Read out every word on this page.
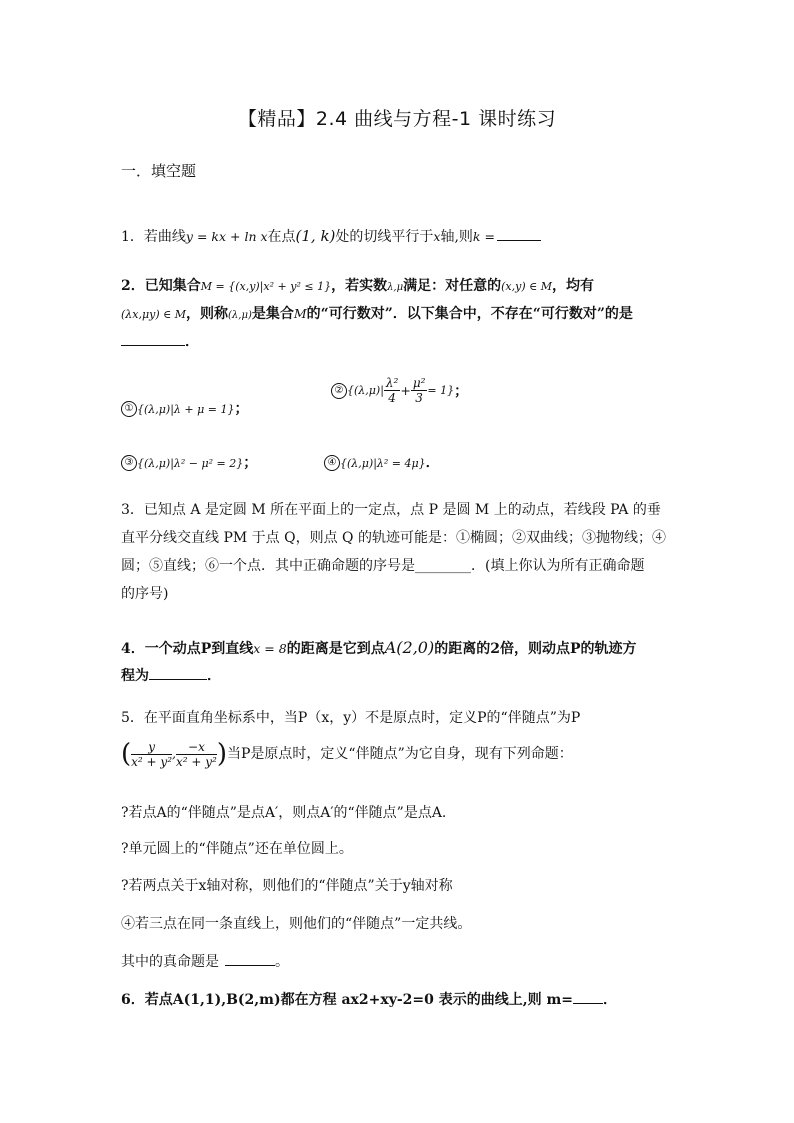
【精品】2.4 曲线与方程-1 课时练习
一．填空题
1．若曲线y = kx + ln x在点(1, k)处的切线平行于x轴,则k =
2．已知集合M = {(x,y)|x² + y² ≤ 1}，若实数λ,μ满足：对任意的(x,y) ∈ M，均有
(λx,μy) ∈ M，则称(λ,μ)是集合M的“可行数对”．以下集合中，不存在“可行数对”的是
．
① {(λ,μ)|λ + μ = 1}；
② $\{(\lambda,\mu)| \frac{\text{λ²}}{4} + \frac{\text{μ²}}{3} = 1\}$；
③ {(λ,μ)|λ² − μ² = 2}；	④ {(λ,μ)|λ² = 4μ}．
3．已知点 A 是定圆 M 所在平面上的一定点，点 P 是圆 M 上的动点，若线段 PA 的垂
直平分线交直线 PM 于点 Q，则点 Q 的轨迹可能是：①椭圆；②双曲线；③抛物线；④
圆；⑤直线；⑥一个点．其中正确命题的序号是________．(填上你认为所有正确命题
的序号)
4．一个动点P到直线x = 8的距离是它到点A(2,0)的距离的2倍，则动点P的轨迹方
程为	．
5．在平面直角坐标系中，当P（x，y）不是原点时，定义P的“伴随点”为P
( $\frac{y}{\text{x² + y²}}$ , $\frac{-x}{\text{x² + y²}}$ )当P是原点时，定义“伴随点”为它自身，现有下列命题：
?若点A的“伴随点”是点A′，则点A′的“伴随点”是点A.
?单元圆上的“伴随点”还在单位圆上。
?若两点关于x轴对称，则他们的“伴随点”关于y轴对称
④若三点在同一条直线上，则他们的“伴随点”一定共线。
其中的真命题是	。
6．若点A(1,1),B(2,m)都在方程 ax2+xy-2=0 表示的曲线上,则 m= ．
